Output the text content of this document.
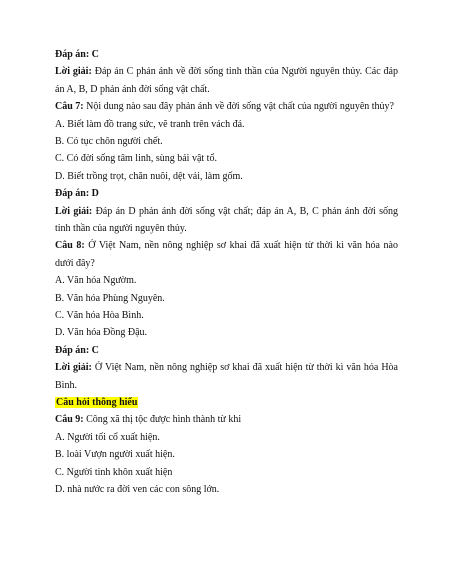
Đáp án: C

Lời giải: Đáp án C phản ánh về đời sống tinh thần của Người nguyên thủy. Các đáp án A, B, D phản ánh đời sống vật chất.

Câu 7: Nội dung nào sau đây phản ánh về đời sống vật chất của người nguyên thủy?

A. Biết làm đồ trang sức, vẽ tranh trên vách đá.

B. Có tục chôn người chết.

C. Có đời sống tâm linh, sùng bái vật tổ.

D. Biết trồng trọt, chăn nuôi, dệt vải, làm gốm.

Đáp án: D

Lời giải: Đáp án D phản ánh đời sống vật chất; đáp án A, B, C phản ánh đời sống tinh thần của người nguyên thủy.

Câu 8: Ở Việt Nam, nền nông nghiệp sơ khai đã xuất hiện từ thời kì văn hóa nào dưới đây?

A. Văn hóa Ngườm.

B. Văn hóa Phùng Nguyên.

C. Văn hóa Hòa Bình.

D. Văn hóa Đồng Đậu.

Đáp án: C

Lời giải: Ở Việt Nam, nền nông nghiệp sơ khai đã xuất hiện từ thời kì văn hóa Hòa Bình.

Câu hỏi thông hiểu

Câu 9: Công xã thị tộc được hình thành từ khi

A. Người tối cổ xuất hiện.

B. loài Vượn người xuất hiện.

C. Người tinh khôn xuất hiện

D. nhà nước ra đời ven các con sông lớn.
